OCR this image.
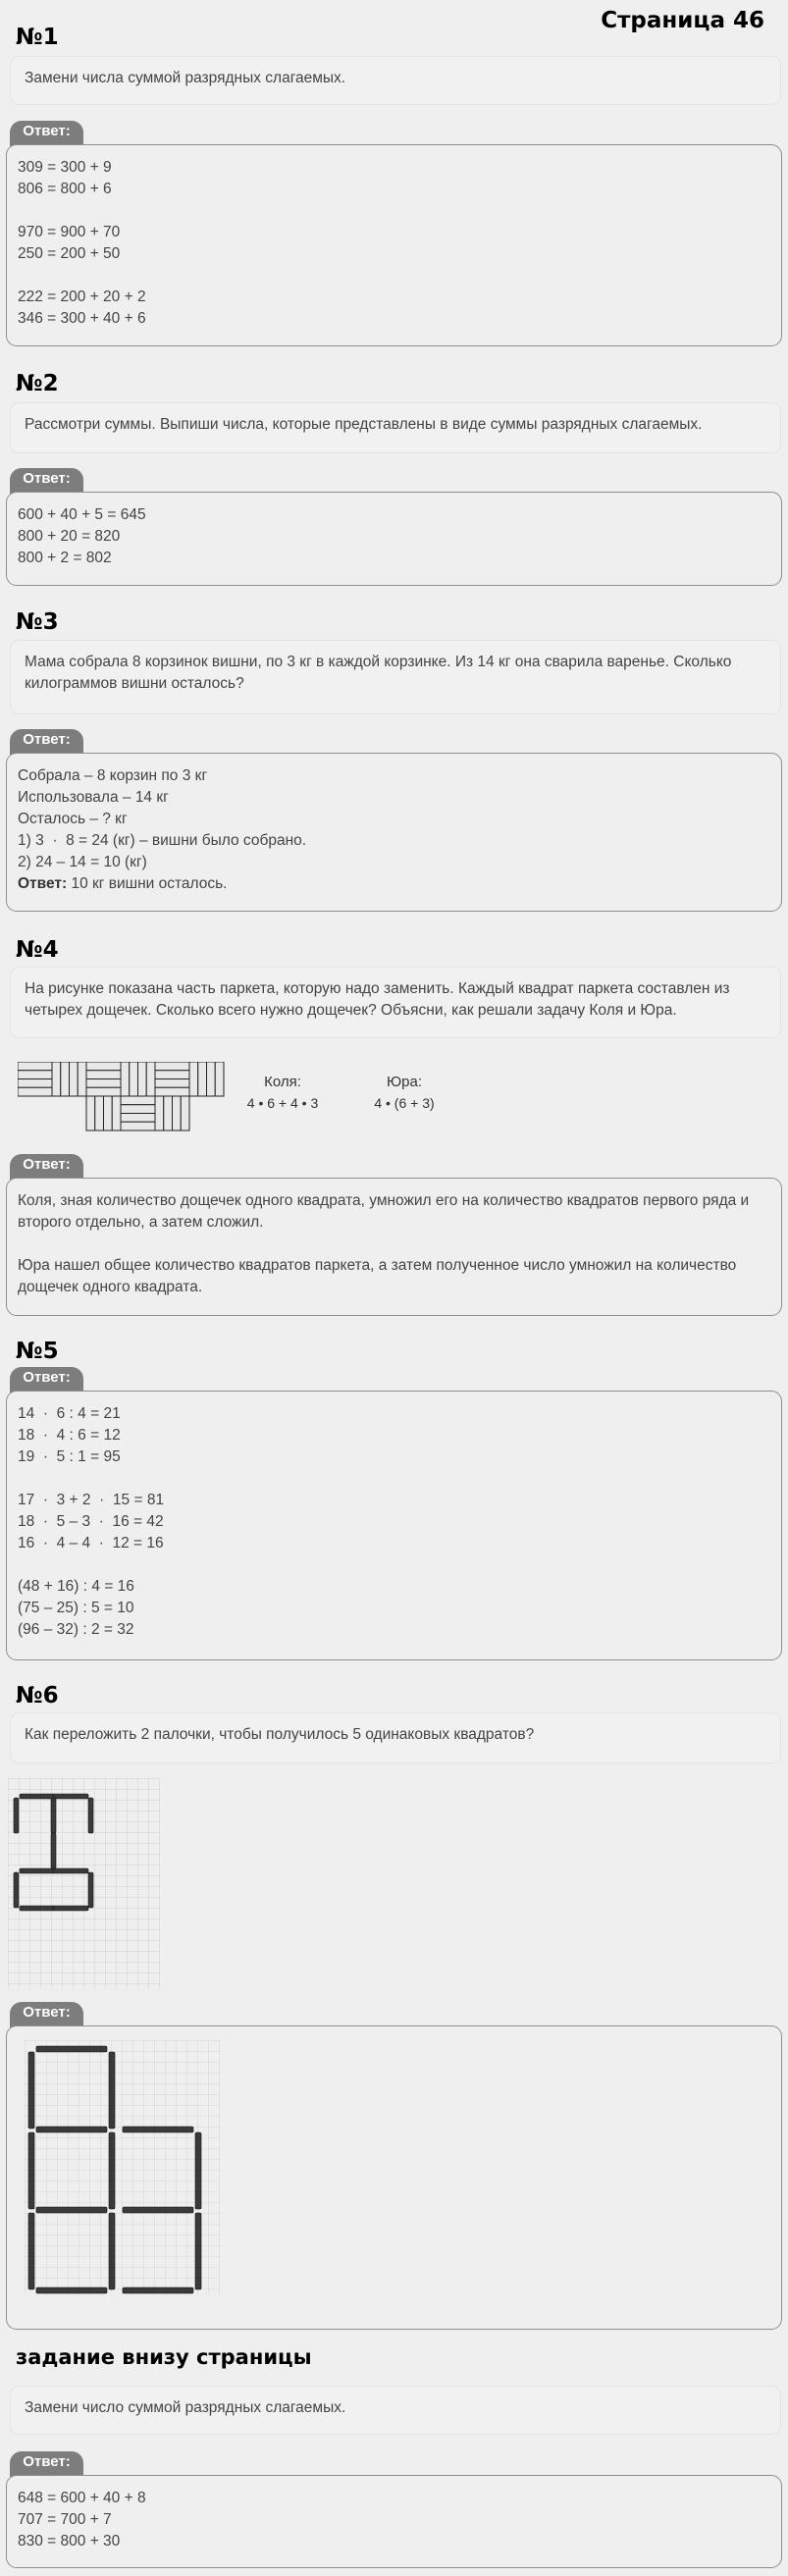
Страница 46
№1
Замени числа суммой разрядных слагаемых.
Ответ:
309 = 300 + 9
806 = 800 + 6
970 = 900 + 70
250 = 200 + 50
222 = 200 + 20 + 2
346 = 300 + 40 + 6
№2
Рассмотри суммы. Выпиши числа, которые представлены в виде суммы разрядных слагаемых.
Ответ:
600 + 40 + 5 = 645
800 + 20 = 820
800 + 2 = 802
№3
Мама собрала 8 корзинок вишни, по 3 кг в каждой корзинке. Из 14 кг она сварила варенье. Сколько килограммов вишни осталось?
Ответ:
Собрала – 8 корзин по 3 кг
Использовала – 14 кг
Осталось – ? кг
1) 3  ·  8 = 24 (кг) – вишни было собрано.
2) 24 – 14 = 10 (кг)
Ответ: 10 кг вишни осталось.
№4
На рисунке показана часть паркета, которую надо заменить. Каждый квадрат паркета составлен из четырех дощечек. Сколько всего нужно дощечек? Объясни, как решали задачу Коля и Юра.
Коля:
4 • 6 + 4 • 3
Юра:
4 • (6 + 3)
Ответ:
Коля, зная количество дощечек одного квадрата, умножил его на количество квадратов первого ряда и второго отдельно, а затем сложил.
Юра нашел общее количество квадратов паркета, а затем полученное число умножил на количество дощечек одного квадрата.
№5
Ответ:
14  ·  6 : 4 = 21
18  ·  4 : 6 = 12
19  ·  5 : 1 = 95
17  ·  3 + 2  ·  15 = 81
18  ·  5 – 3  ·  16 = 42
16  ·  4 – 4  ·  12 = 16
(48 + 16) : 4 = 16
(75 – 25) : 5 = 10
(96 – 32) : 2 = 32
№6
Как переложить 2 палочки, чтобы получилось 5 одинаковых квадратов?
Ответ:
задание внизу страницы
Замени число суммой разрядных слагаемых.
Ответ:
648 = 600 + 40 + 8
707 = 700 + 7
830 = 800 + 30
